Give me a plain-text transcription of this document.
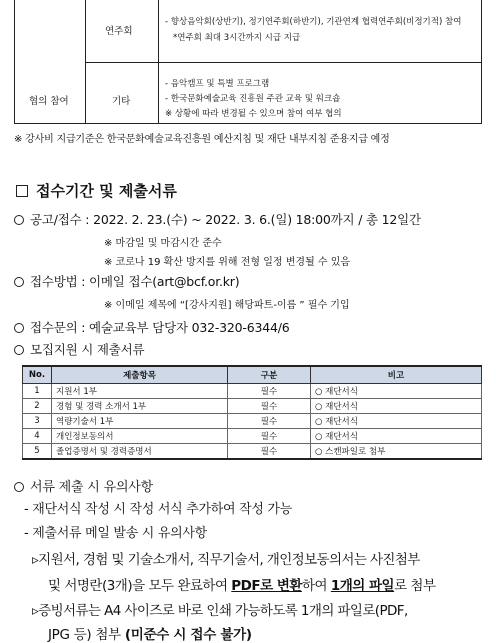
연주회
- 향상음악회(상반기), 정기연주회(하반기), 기관연계 협력연주회(비정기적) 참여
*연주회 최대 3시간까지 시급 지급
협의 참여	기타
- 음악캠프 및 특별 프로그램
- 한국문화예술교육 진흥원 주관 교육 및 워크숍
※ 상황에 따라 변경될 수 있으며 참여 여부 협의
※ 강사비 지급기준은 한국문화예술교육진흥원 예산지침 및 재단 내부지침 준용지급 예정
접수기간 및 제출서류
공고/접수 : 2022. 2. 23.(수) ~ 2022. 3. 6.(일) 18:00까지 / 총 12일간
※ 마감일 및 마감시간 준수
※ 코로나 19 확산 방지를 위해 전형 일정 변경될 수 있음
접수방법 : 이메일 접수(art@bcf.or.kr)
※ 이메일 제목에 “[강사지원] 해당파트-이름 ” 필수 기입
접수문의 : 예술교육부 담당자 032-320-6344/6
모집지원 시 제출서류
No.	제출항목	구분	비고
1	지원서 1부	필수	○ 재단서식
2	경험 및 경력 소개서 1부	필수	○ 재단서식
3	역량기술서 1부	필수	○ 재단서식
4	개인정보동의서	필수	○ 재단서식
5	졸업증명서 및 경력증명서	필수	○ 스캔파일로 첨부
서류 제출 시 유의사항
- 재단서식 작성 시 작성 서식 추가하여 작성 가능
- 제출서류 메일 발송 시 유의사항
▹지원서, 경험 및 기술소개서, 직무기술서, 개인정보동의서는 사진첨부
및 서명란(3개)을 모두 완료하여 PDF로 변환하여 1개의 파일로 첨부
▹증빙서류는 A4 사이즈로 바로 인쇄 가능하도록 1개의 파일로(PDF,
JPG 등) 첨부 (미준수 시 접수 불가)
